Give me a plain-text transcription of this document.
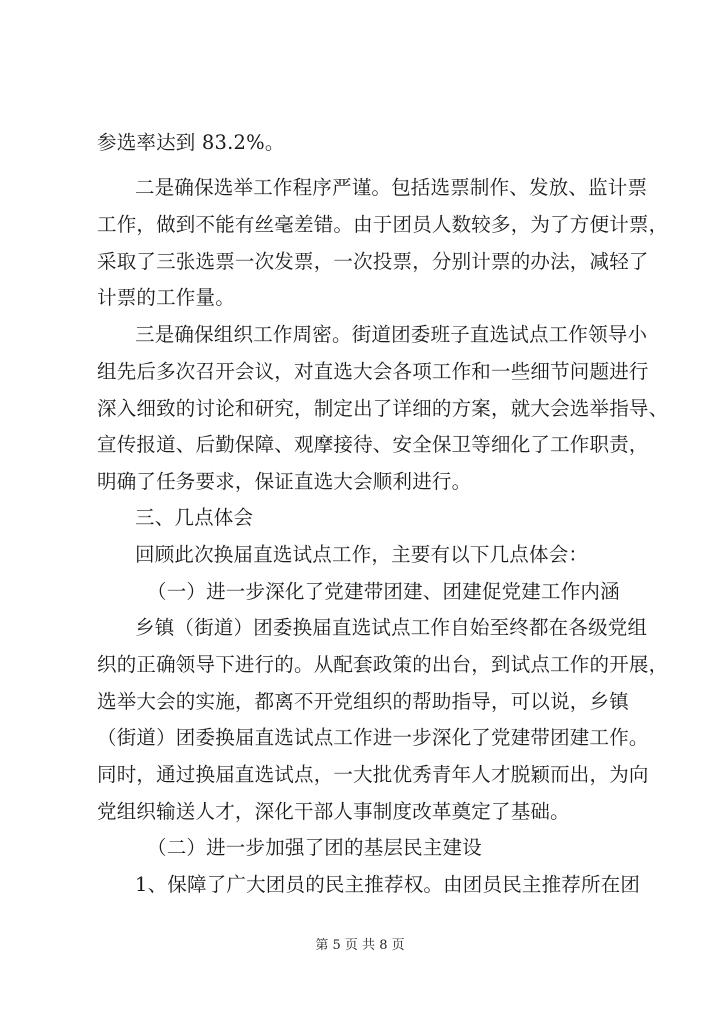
参选率达到 83.2%。
二是确保选举工作程序严谨。包括选票制作、发放、监计票
工作，做到不能有丝毫差错。由于团员人数较多，为了方便计票，
采取了三张选票一次发票，一次投票，分别计票的办法，减轻了
计票的工作量。
三是确保组织工作周密。街道团委班子直选试点工作领导小
组先后多次召开会议，对直选大会各项工作和一些细节问题进行
深入细致的讨论和研究，制定出了详细的方案，就大会选举指导、
宣传报道、后勤保障、观摩接待、安全保卫等细化了工作职责，
明确了任务要求，保证直选大会顺利进行。
三、几点体会
回顾此次换届直选试点工作，主要有以下几点体会：
（一）进一步深化了党建带团建、团建促党建工作内涵
乡镇（街道）团委换届直选试点工作自始至终都在各级党组
织的正确领导下进行的。从配套政策的出台，到试点工作的开展，
选举大会的实施，都离不开党组织的帮助指导，可以说，乡镇
（街道）团委换届直选试点工作进一步深化了党建带团建工作。
同时，通过换届直选试点，一大批优秀青年人才脱颖而出，为向
党组织输送人才，深化干部人事制度改革奠定了基础。
（二）进一步加强了团的基层民主建设
1、保障了广大团员的民主推荐权。由团员民主推荐所在团
第 5 页 共 8 页
